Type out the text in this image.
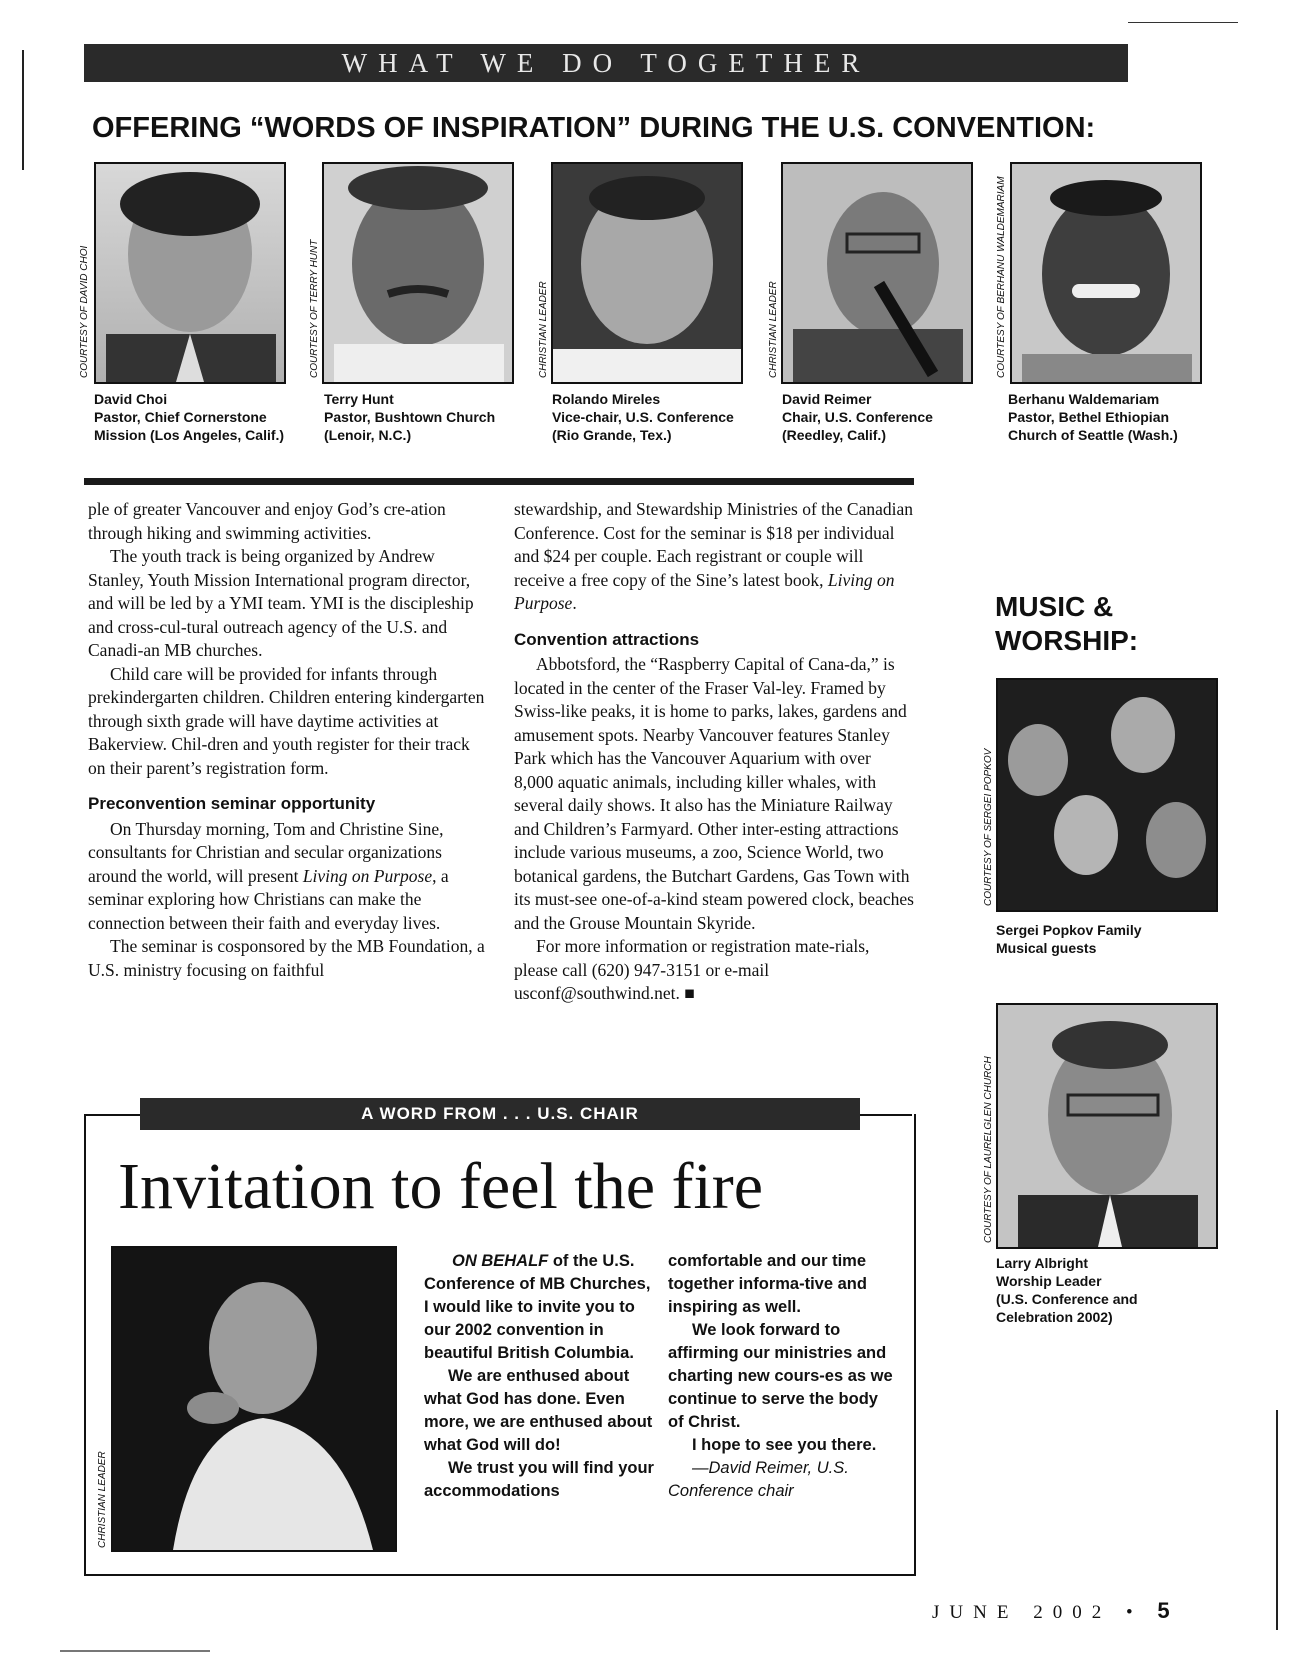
WHAT WE DO TOGETHER
OFFERING “WORDS OF INSPIRATION” DURING THE U.S. CONVENTION:
COURTESY OF DAVID CHOI	COURTESY OF TERRY HUNT	CHRISTIAN LEADER	CHRISTIAN LEADER	COURTESY OF BERHANU WALDEMARIAM
David Choi
Pastor, Chief Cornerstone
Mission (Los Angeles, Calif.)
Terry Hunt
Pastor, Bushtown Church
(Lenoir, N.C.)
Rolando Mireles
Vice-chair, U.S. Conference
(Rio Grande, Tex.)
David Reimer
Chair, U.S. Conference
(Reedley, Calif.)
Berhanu Waldemariam
Pastor, Bethel Ethiopian
Church of Seattle (Wash.)

ple of greater Vancouver and enjoy God’s cre-ation through hiking and swimming activities.

The youth track is being organized by Andrew Stanley, Youth Mission International program director, and will be led by a YMI team. YMI is the discipleship and cross-cul-tural outreach agency of the U.S. and Canadi-an MB churches.

Child care will be provided for infants through prekindergarten children. Children entering kindergarten through sixth grade will have daytime activities at Bakerview. Chil-dren and youth register for their track on their parent’s registration form.

Preconvention seminar opportunity

On Thursday morning, Tom and Christine Sine, consultants for Christian and secular organizations around the world, will present Living on Purpose, a seminar exploring how Christians can make the connection between their faith and everyday lives.

The seminar is cosponsored by the MB Foundation, a U.S. ministry focusing on faithful

stewardship, and Stewardship Ministries of the Canadian Conference. Cost for the seminar is $18 per individual and $24 per couple. Each registrant or couple will receive a free copy of the Sine’s latest book, Living on Purpose.

Convention attractions

Abbotsford, the “Raspberry Capital of Cana-da,” is located in the center of the Fraser Val-ley. Framed by Swiss-like peaks, it is home to parks, lakes, gardens and amusement spots. Nearby Vancouver features Stanley Park which has the Vancouver Aquarium with over 8,000 aquatic animals, including killer whales, with several daily shows. It also has the Miniature Railway and Children’s Farmyard. Other inter-esting attractions include various museums, a zoo, Science World, two botanical gardens, the Butchart Gardens, Gas Town with its must-see one-of-a-kind steam powered clock, beaches and the Grouse Mountain Skyride.

For more information or registration mate-rials, please call (620) 947-3151 or e-mail usconf@southwind.net. ■

MUSIC &
WORSHIP:
COURTESY OF SERGEI POPKOV
Sergei Popkov Family
Musical guests
COURTESY OF LAURELGLEN CHURCH
Larry Albright
Worship Leader
(U.S. Conference and
Celebration 2002)
A WORD FROM . . . U.S. CHAIR
Invitation to feel the fire
CHRISTIAN LEADER

ON BEHALF of the U.S. Conference of MB Churches, I would like to invite you to our 2002 convention in beautiful British Columbia.

We are enthused about what God has done. Even more, we are enthused about what God will do!

We trust you will find your accommodations

comfortable and our time together informa-tive and inspiring as well.

We look forward to affirming our ministries and charting new cours-es as we continue to serve the body of Christ.

I hope to see you there.

—David Reimer, U.S. Conference chair

JUNE 2002 • 5
